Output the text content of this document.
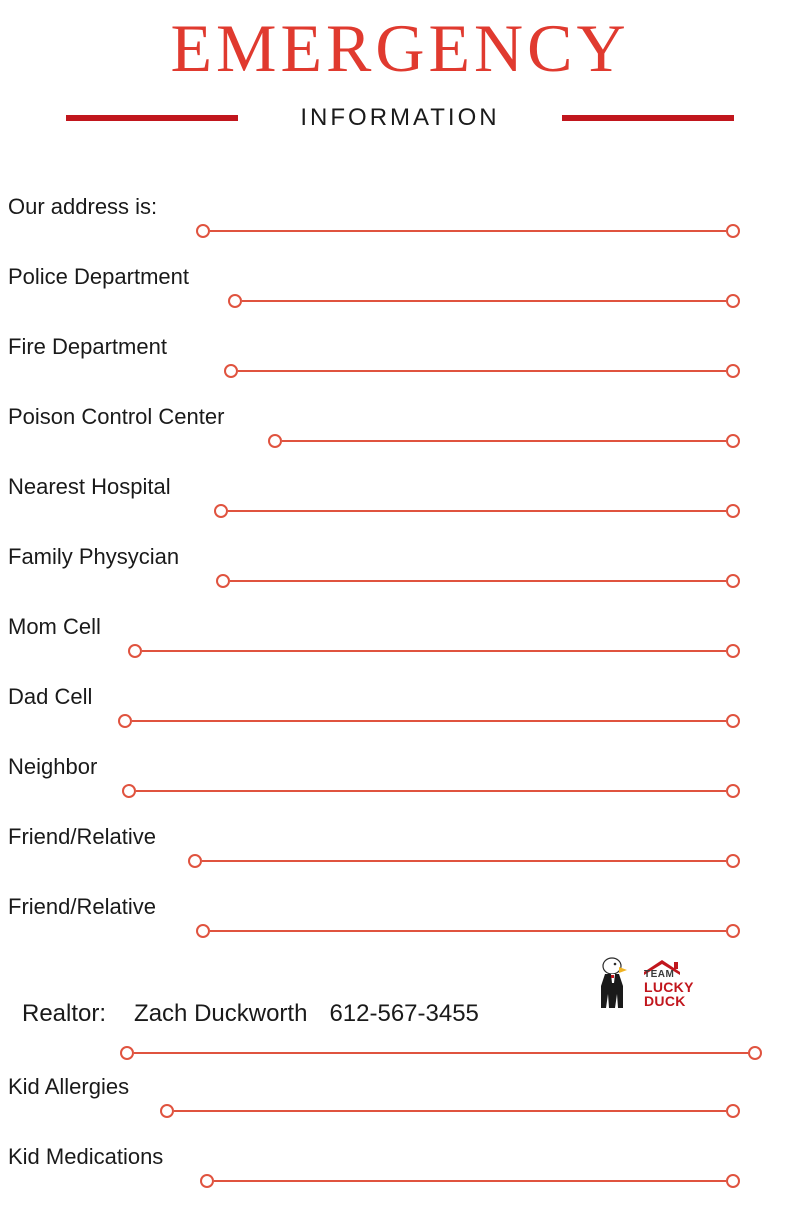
EMERGENCY
INFORMATION
Our address is:
Police Department
Fire Department
Poison Control Center
Nearest Hospital
Family Physycian
Mom Cell
Dad Cell
Neighbor
Friend/Relative
Friend/Relative
Realtor: Zach Duckworth 612-567-3455
TEAM
LUCKY
DUCK
Kid Allergies
Kid Medications
